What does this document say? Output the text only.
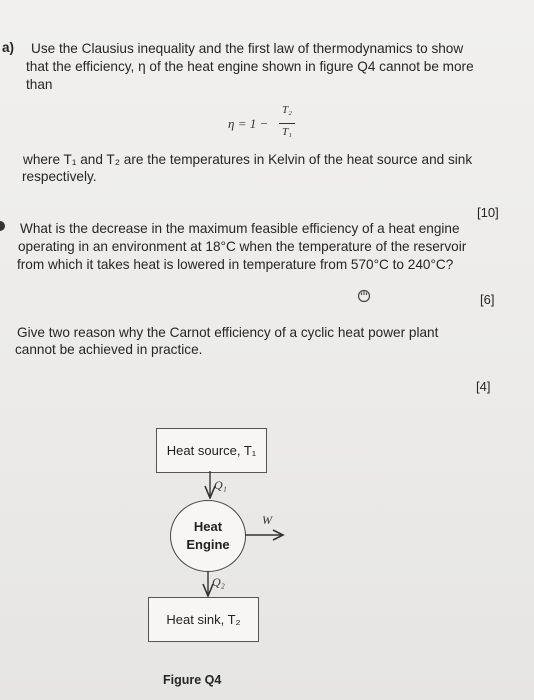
a) Use the Clausius inequality and the first law of thermodynamics to show
that the efficiency, η of the heat engine shown in figure Q4 cannot be more
than
η = 1 −
T₂
T₁
where T₁ and T₂ are the temperatures in Kelvin of the heat source and sink
respectively.
[10]
What is the decrease in the maximum feasible efficiency of a heat engine
operating in an environment at 18°C when the temperature of the reservoir
from which it takes heat is lowered in temperature from 570°C to 240°C?
[6]
Give two reason why the Carnot efficiency of a cyclic heat power plant
cannot be achieved in practice.
[4]
Heat source, T₁
Q₁
Heat
Engine
W
Q₂
Heat sink, T₂
Figure Q4
